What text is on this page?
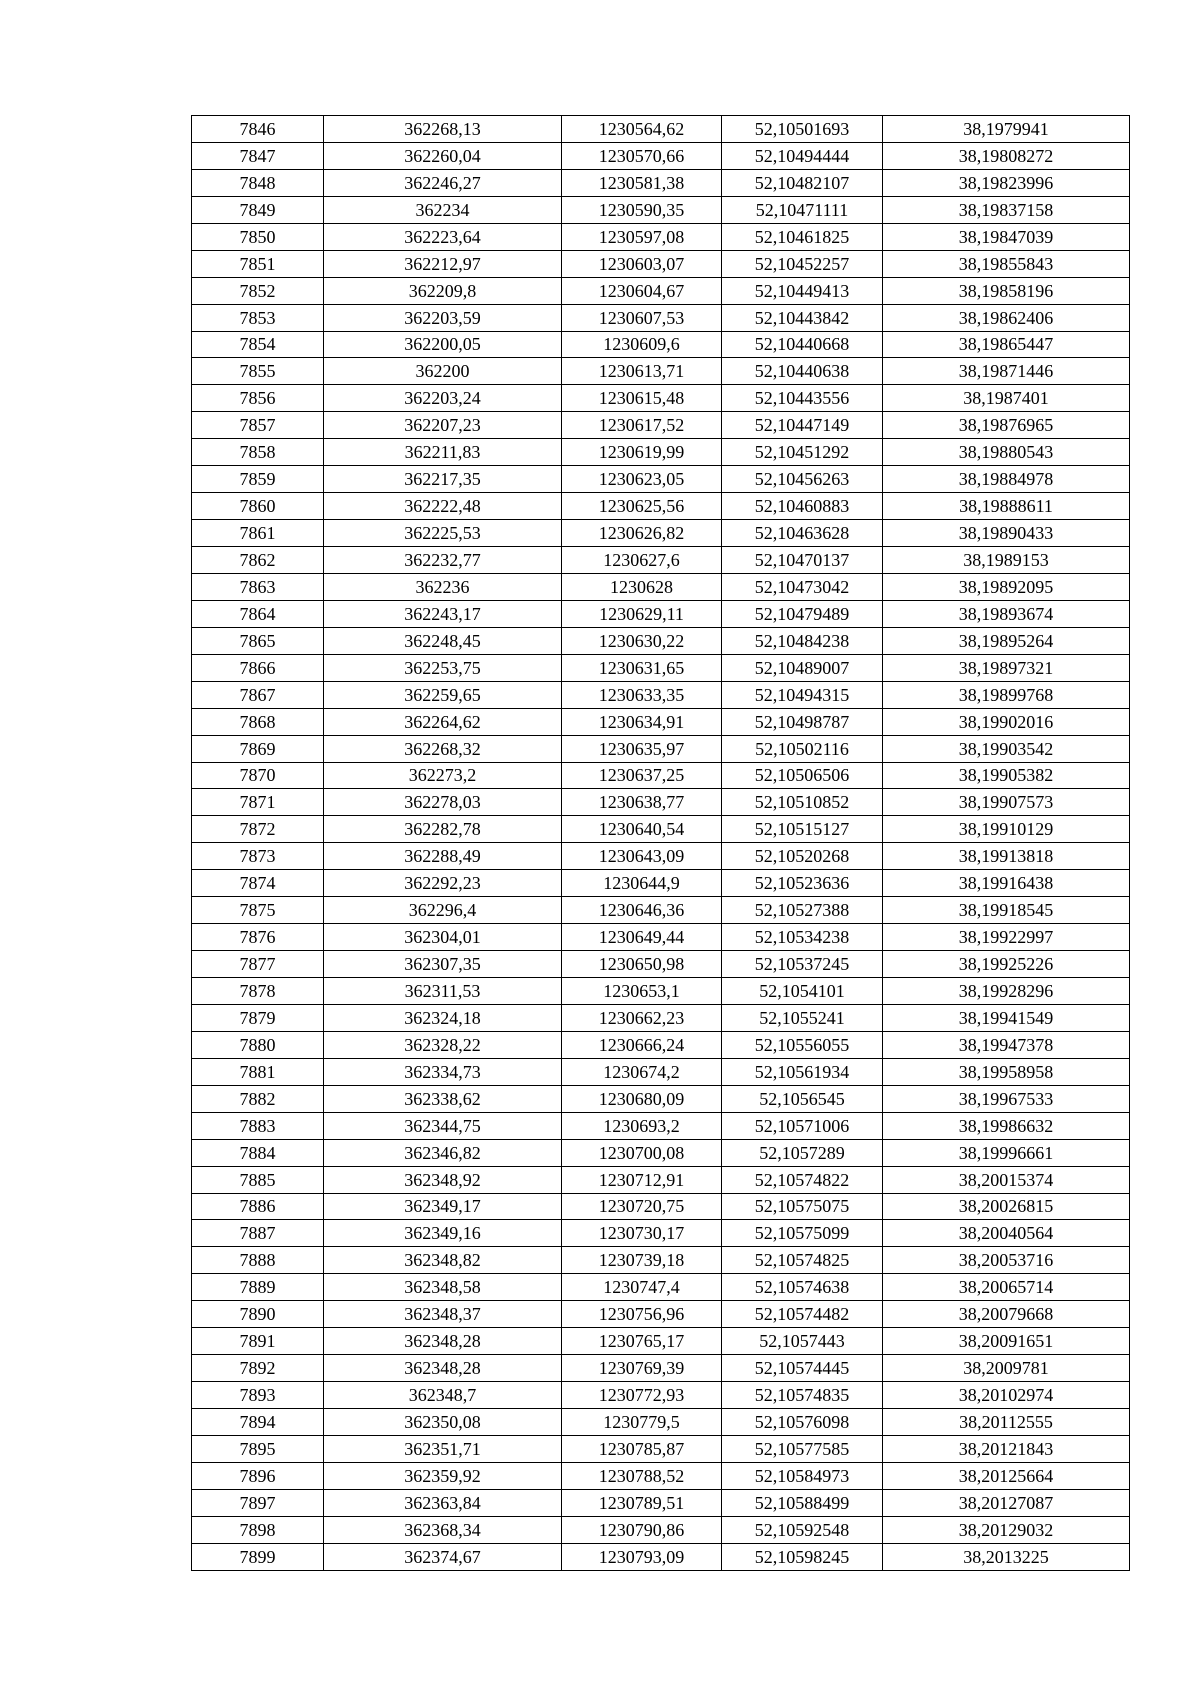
7846	362268,13	1230564,62	52,10501693	38,1979941
7847	362260,04	1230570,66	52,10494444	38,19808272
7848	362246,27	1230581,38	52,10482107	38,19823996
7849	362234	1230590,35	52,10471111	38,19837158
7850	362223,64	1230597,08	52,10461825	38,19847039
7851	362212,97	1230603,07	52,10452257	38,19855843
7852	362209,8	1230604,67	52,10449413	38,19858196
7853	362203,59	1230607,53	52,10443842	38,19862406
7854	362200,05	1230609,6	52,10440668	38,19865447
7855	362200	1230613,71	52,10440638	38,19871446
7856	362203,24	1230615,48	52,10443556	38,1987401
7857	362207,23	1230617,52	52,10447149	38,19876965
7858	362211,83	1230619,99	52,10451292	38,19880543
7859	362217,35	1230623,05	52,10456263	38,19884978
7860	362222,48	1230625,56	52,10460883	38,19888611
7861	362225,53	1230626,82	52,10463628	38,19890433
7862	362232,77	1230627,6	52,10470137	38,1989153
7863	362236	1230628	52,10473042	38,19892095
7864	362243,17	1230629,11	52,10479489	38,19893674
7865	362248,45	1230630,22	52,10484238	38,19895264
7866	362253,75	1230631,65	52,10489007	38,19897321
7867	362259,65	1230633,35	52,10494315	38,19899768
7868	362264,62	1230634,91	52,10498787	38,19902016
7869	362268,32	1230635,97	52,10502116	38,19903542
7870	362273,2	1230637,25	52,10506506	38,19905382
7871	362278,03	1230638,77	52,10510852	38,19907573
7872	362282,78	1230640,54	52,10515127	38,19910129
7873	362288,49	1230643,09	52,10520268	38,19913818
7874	362292,23	1230644,9	52,10523636	38,19916438
7875	362296,4	1230646,36	52,10527388	38,19918545
7876	362304,01	1230649,44	52,10534238	38,19922997
7877	362307,35	1230650,98	52,10537245	38,19925226
7878	362311,53	1230653,1	52,1054101	38,19928296
7879	362324,18	1230662,23	52,1055241	38,19941549
7880	362328,22	1230666,24	52,10556055	38,19947378
7881	362334,73	1230674,2	52,10561934	38,19958958
7882	362338,62	1230680,09	52,1056545	38,19967533
7883	362344,75	1230693,2	52,10571006	38,19986632
7884	362346,82	1230700,08	52,1057289	38,19996661
7885	362348,92	1230712,91	52,10574822	38,20015374
7886	362349,17	1230720,75	52,10575075	38,20026815
7887	362349,16	1230730,17	52,10575099	38,20040564
7888	362348,82	1230739,18	52,10574825	38,20053716
7889	362348,58	1230747,4	52,10574638	38,20065714
7890	362348,37	1230756,96	52,10574482	38,20079668
7891	362348,28	1230765,17	52,1057443	38,20091651
7892	362348,28	1230769,39	52,10574445	38,2009781
7893	362348,7	1230772,93	52,10574835	38,20102974
7894	362350,08	1230779,5	52,10576098	38,20112555
7895	362351,71	1230785,87	52,10577585	38,20121843
7896	362359,92	1230788,52	52,10584973	38,20125664
7897	362363,84	1230789,51	52,10588499	38,20127087
7898	362368,34	1230790,86	52,10592548	38,20129032
7899	362374,67	1230793,09	52,10598245	38,2013225
